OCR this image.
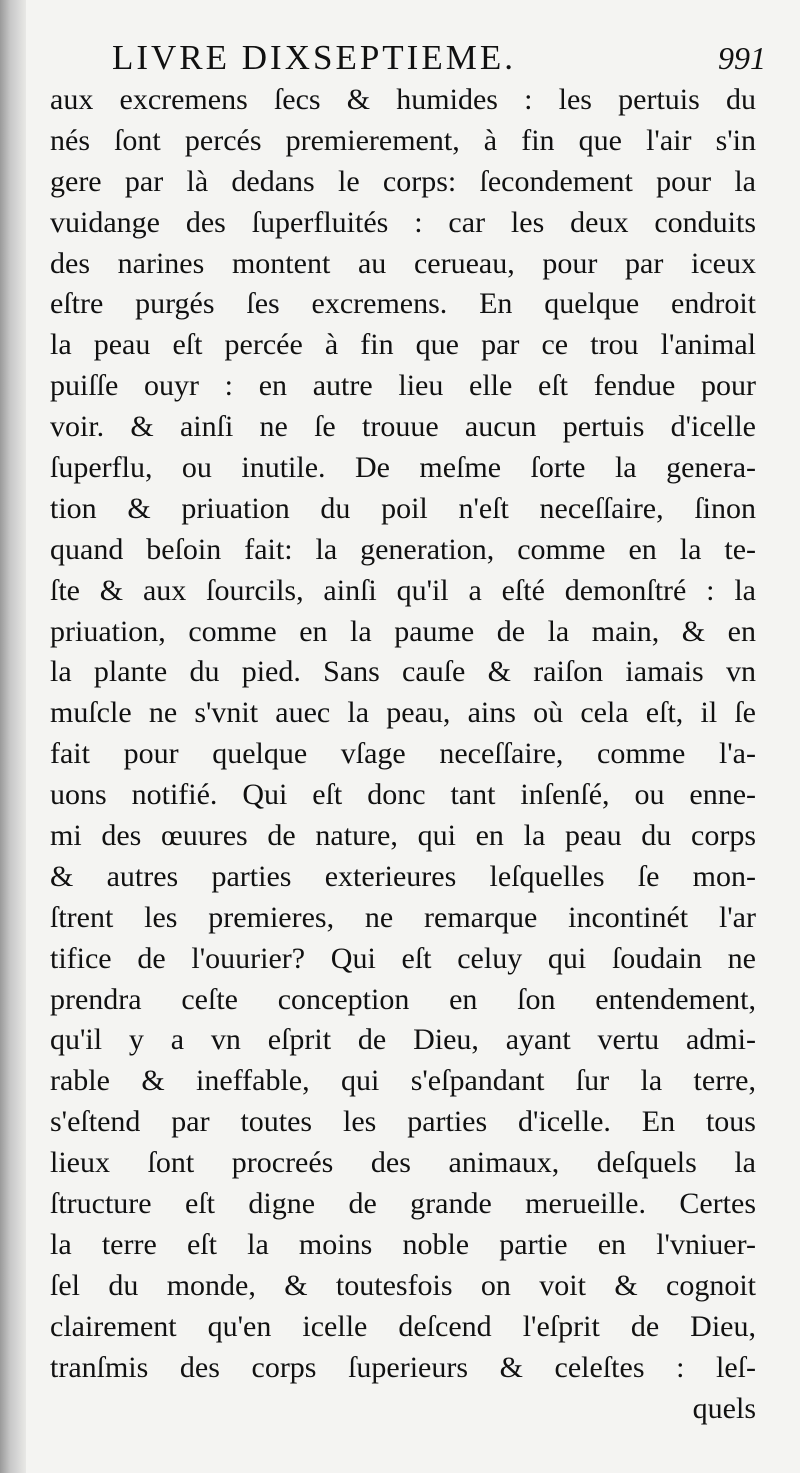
LIVRE DIXSEPTIEME.	991
aux excremens ſecs & humides : les pertuis du
nés ſont percés premierement, à fin que l'air s'in
gere par là dedans le corps: ſecondement pour la
vuidange des ſuperfluités : car les deux conduits
des narines montent au cerueau, pour par iceux
eſtre purgés ſes excremens. En quelque endroit
la peau eſt percée à fin que par ce trou l'animal
puiſſe ouyr : en autre lieu elle eſt fendue pour
voir. & ainſi ne ſe trouue aucun pertuis d'icelle
ſuperflu, ou inutile. De meſme ſorte la genera-
tion & priuation du poil n'eſt neceſſaire, ſinon
quand beſoin fait: la generation, comme en la te-
ſte & aux ſourcils, ainſi qu'il a eſté demonſtré : la
priuation, comme en la paume de la main, & en
la plante du pied. Sans cauſe & raiſon iamais vn
muſcle ne s'vnit auec la peau, ains où cela eſt, il ſe
fait pour quelque vſage neceſſaire, comme l'a-
uons notifié. Qui eſt donc tant inſenſé, ou enne-
mi des œuures de nature, qui en la peau du corps
& autres parties exterieures leſquelles ſe mon-
ſtrent les premieres, ne remarque incontinét l'ar
tifice de l'ouurier? Qui eſt celuy qui ſoudain ne
prendra ceſte conception en ſon entendement,
qu'il y a vn eſprit de Dieu, ayant vertu admi-
rable & ineffable, qui s'eſpandant ſur la terre,
s'eſtend par toutes les parties d'icelle. En tous
lieux ſont procreés des animaux, deſquels la
ſtructure eſt digne de grande merueille. Certes
la terre eſt la moins noble partie en l'vniuer-
ſel du monde, & toutesfois on voit & cognoit
clairement qu'en icelle deſcend l'eſprit de Dieu,
tranſmis des corps ſuperieurs & celeſtes : leſ-
quels
